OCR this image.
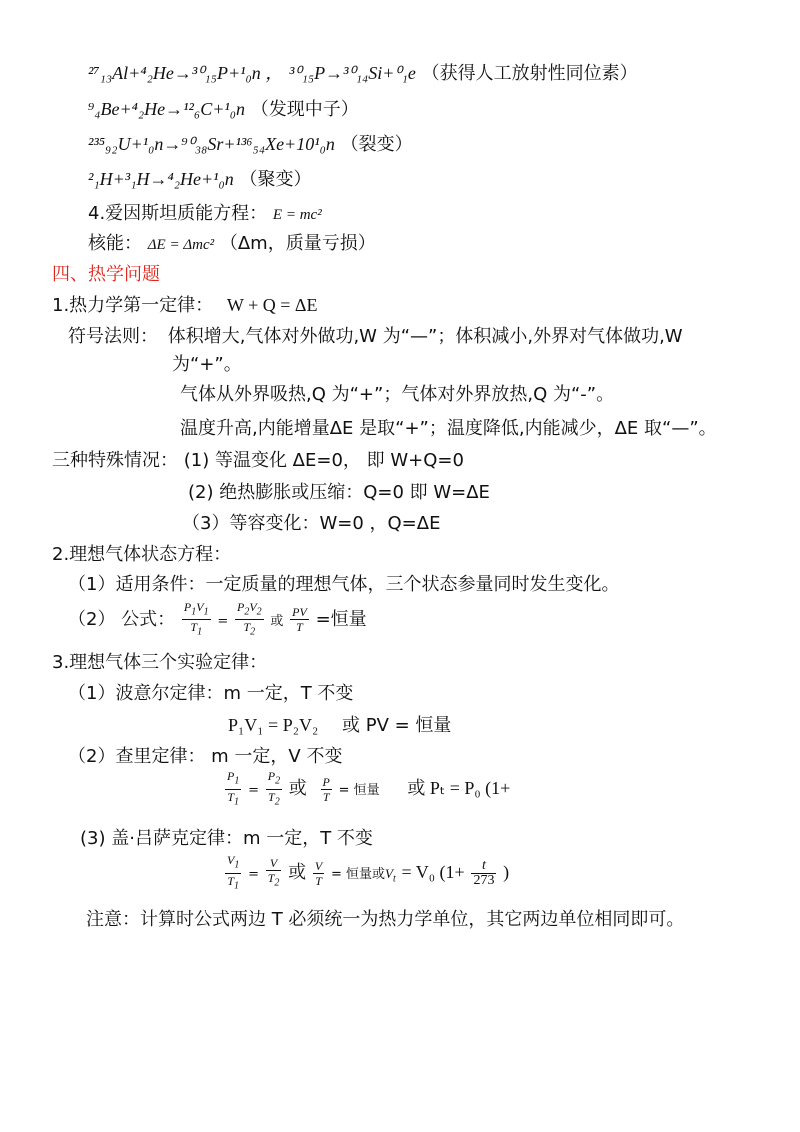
²⁷₁₃Al+⁴₂He→³⁰₁₅P+¹₀n ， ³⁰₁₅P→³⁰₁₄Si+⁰₁e （获得人工放射性同位素）
⁹₄Be+⁴₂He→¹²₆C+¹₀n （发现中子）
²³⁵₉₂U+¹₀n→⁹⁰₃₈Sr+¹³⁶₅₄Xe+10¹₀n （裂变）
²₁H+³₁H→⁴₂He+¹₀n （聚变）
4.爱因斯坦质能方程： E = mc²
核能： ΔE = Δmc² （Δm，质量亏损）
四、热学问题
1.热力学第一定律： W + Q = ΔE
符号法则： 体积增大,气体对外做功,W 为“—”；体积减小,外界对气体做功,W
为“+”。
气体从外界吸热,Q 为“+”；气体对外界放热,Q 为“-”。
温度升高,内能增量ΔE 是取“+”；温度降低,内能减少，ΔE 取“—”。
三种特殊情况： (1) 等温变化 ΔE=0， 即 W+Q=0
(2) 绝热膨胀或压缩：Q=0 即 W=ΔE
（3）等容变化：W=0 ，Q=ΔE
2.理想气体状态方程：
（1）适用条件：一定质量的理想气体，三个状态参量同时发生变化。
（2） 公式： $\frac{P_1V_1}{T_1} = \frac{P_2V_2}{T_2}$ 或 $\frac{PV}{T}$ =恒量
3.理想气体三个实验定律：
（1）波意尔定律：m 一定，T 不变
P₁V₁ = P₂V₂ 或 PV = 恒量
（2）查里定律： m 一定，V 不变
$\frac{P_1}{T_1} = \frac{P_2}{T_2}$ 或 $\frac{P}{T}$ = 恒量 或 Pₜ = P₀ (1+
(3) 盖·吕萨克定律：m 一定，T 不变
$\frac{V_1}{T_1} = \frac{V}{T_2}$ 或 $\frac{V}{T}$ = 恒量或$V_t = V_0$ ($1+ \frac{t}{273}$ )
注意：计算时公式两边 T 必须统一为热力学单位，其它两边单位相同即可。
